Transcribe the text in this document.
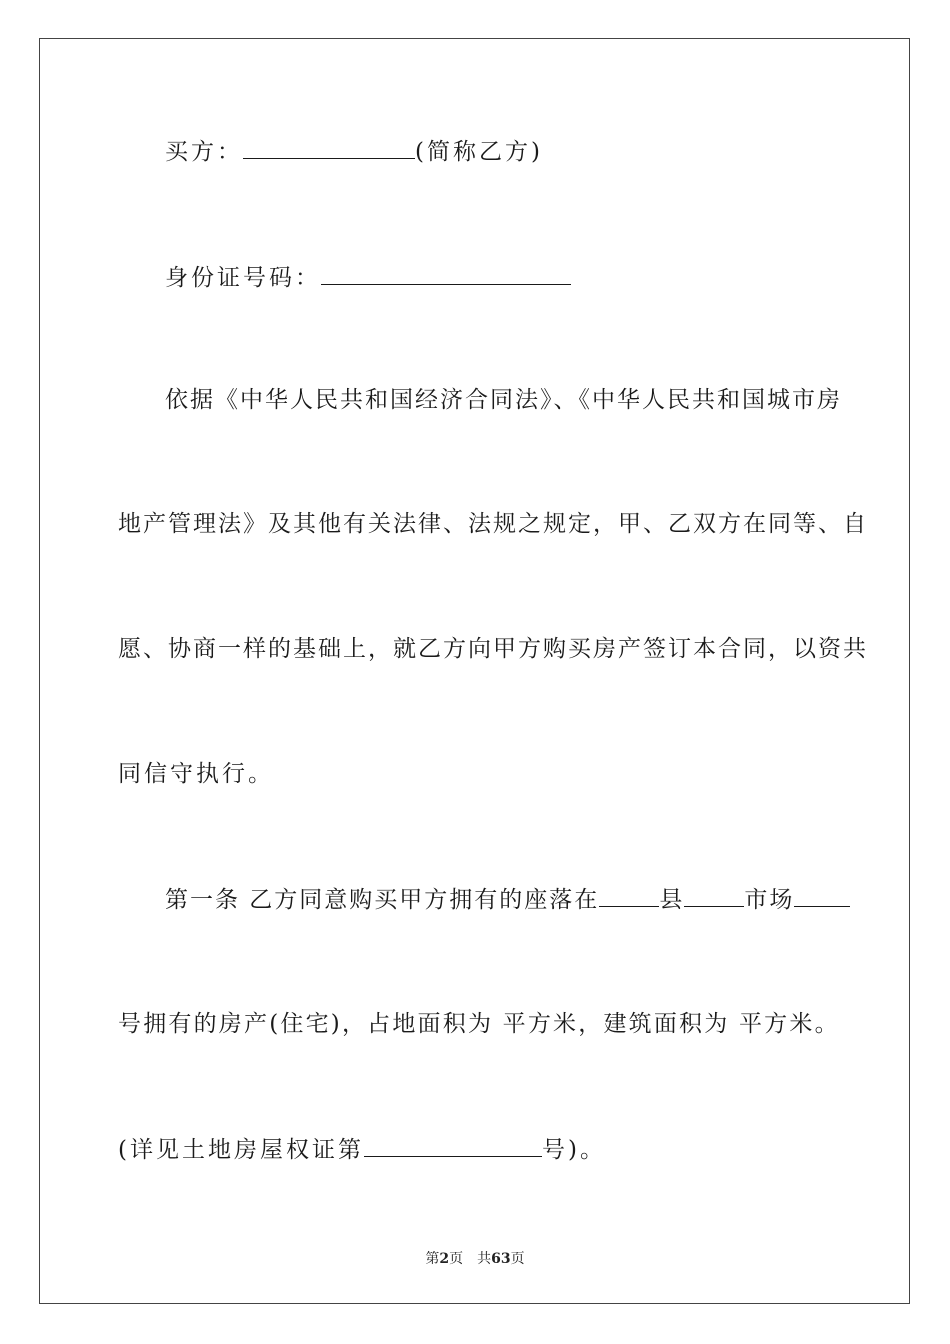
买方：	(简称乙方)
身份证号码：
依据《中华人民共和国经济合同法》、《中华人民共和国城市房
地产管理法》及其他有关法律、法规之规定，甲、乙双方在同等、自
愿、协商一样的基础上，就乙方向甲方购买房产签订本合同，以资共
同信守执行。
第一条 乙方同意购买甲方拥有的座落在	县	市场
号拥有的房产(住宅)，占地面积为 平方米，建筑面积为 平方米。
(详见土地房屋权证第	号)。
第2页　共63页
